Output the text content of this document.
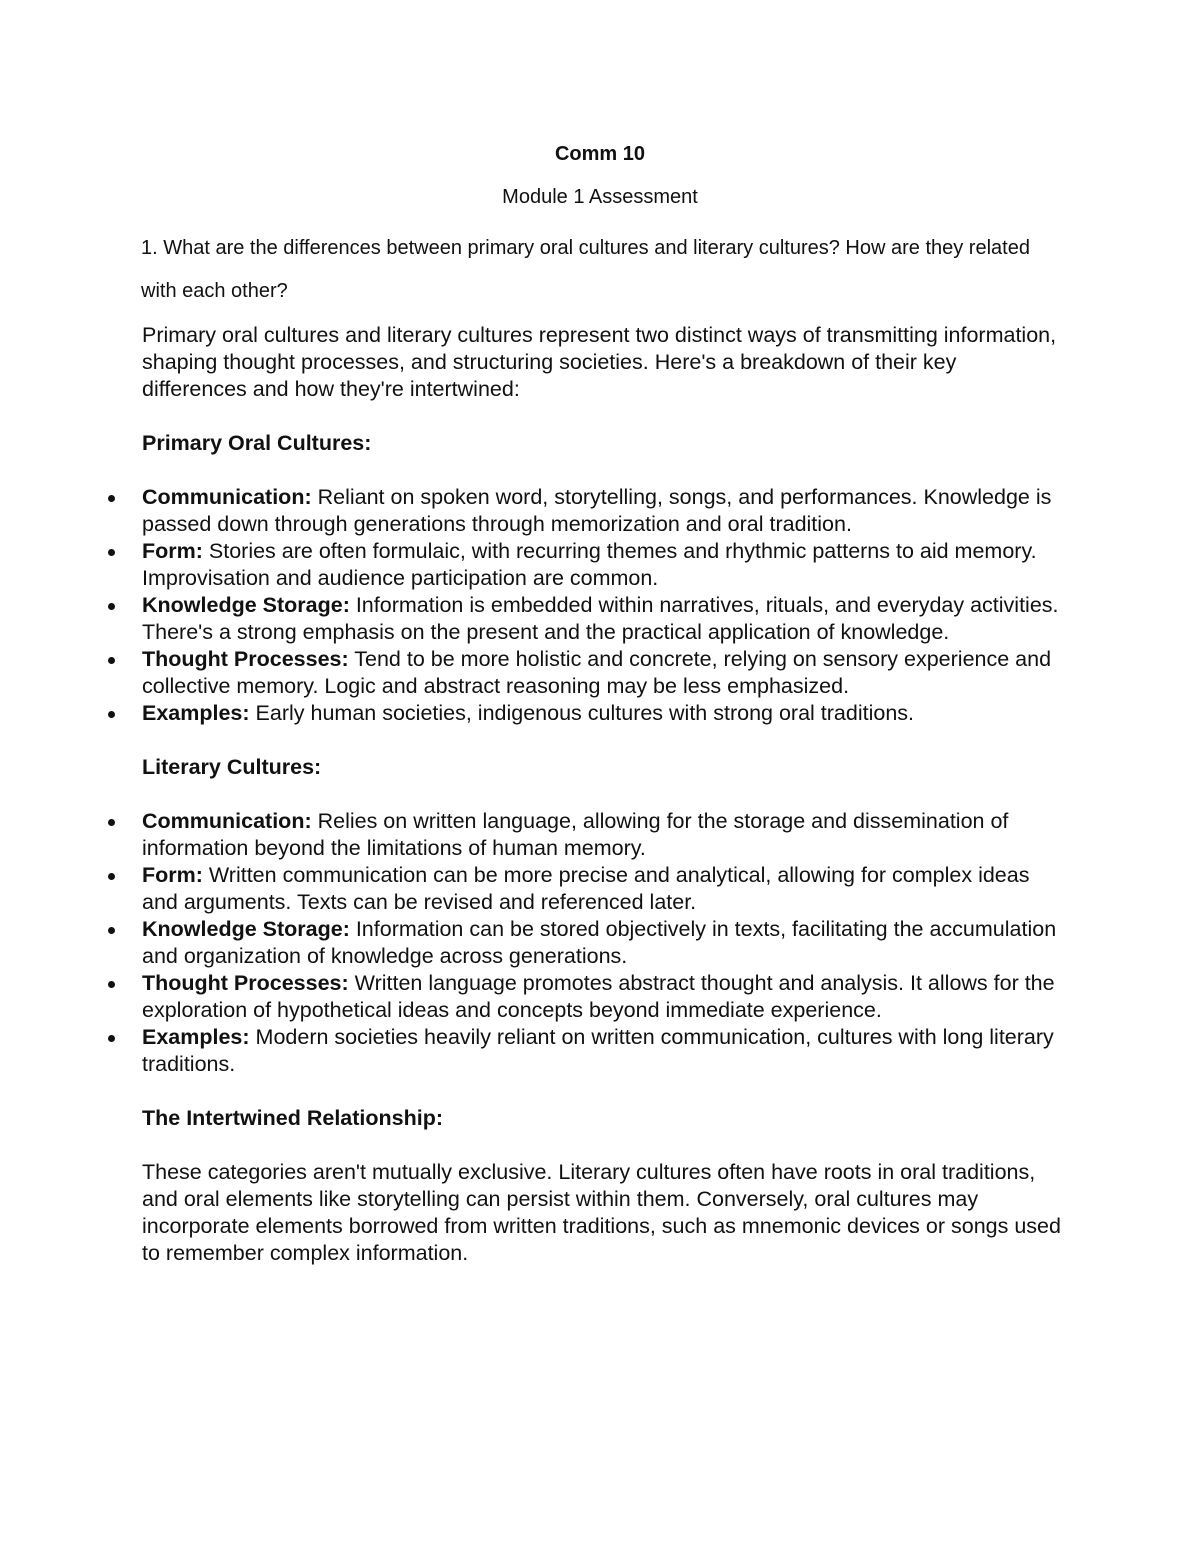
Comm 10

Module 1 Assessment

1. What are the differences between primary oral cultures and literary cultures? How are they related with each other?

Primary oral cultures and literary cultures represent two distinct ways of transmitting information, shaping thought processes, and structuring societies. Here's a breakdown of their key differences and how they're intertwined:

Primary Oral Cultures:

Communication: Reliant on spoken word, storytelling, songs, and performances. Knowledge is passed down through generations through memorization and oral tradition.
Form: Stories are often formulaic, with recurring themes and rhythmic patterns to aid memory. Improvisation and audience participation are common.
Knowledge Storage: Information is embedded within narratives, rituals, and everyday activities. There's a strong emphasis on the present and the practical application of knowledge.
Thought Processes: Tend to be more holistic and concrete, relying on sensory experience and collective memory. Logic and abstract reasoning may be less emphasized.
Examples: Early human societies, indigenous cultures with strong oral traditions.

Literary Cultures:

Communication: Relies on written language, allowing for the storage and dissemination of information beyond the limitations of human memory.
Form: Written communication can be more precise and analytical, allowing for complex ideas and arguments. Texts can be revised and referenced later.
Knowledge Storage: Information can be stored objectively in texts, facilitating the accumulation and organization of knowledge across generations.
Thought Processes: Written language promotes abstract thought and analysis. It allows for the exploration of hypothetical ideas and concepts beyond immediate experience.
Examples: Modern societies heavily reliant on written communication, cultures with long literary traditions.

The Intertwined Relationship:

These categories aren't mutually exclusive. Literary cultures often have roots in oral traditions, and oral elements like storytelling can persist within them. Conversely, oral cultures may incorporate elements borrowed from written traditions, such as mnemonic devices or songs used to remember complex information.
